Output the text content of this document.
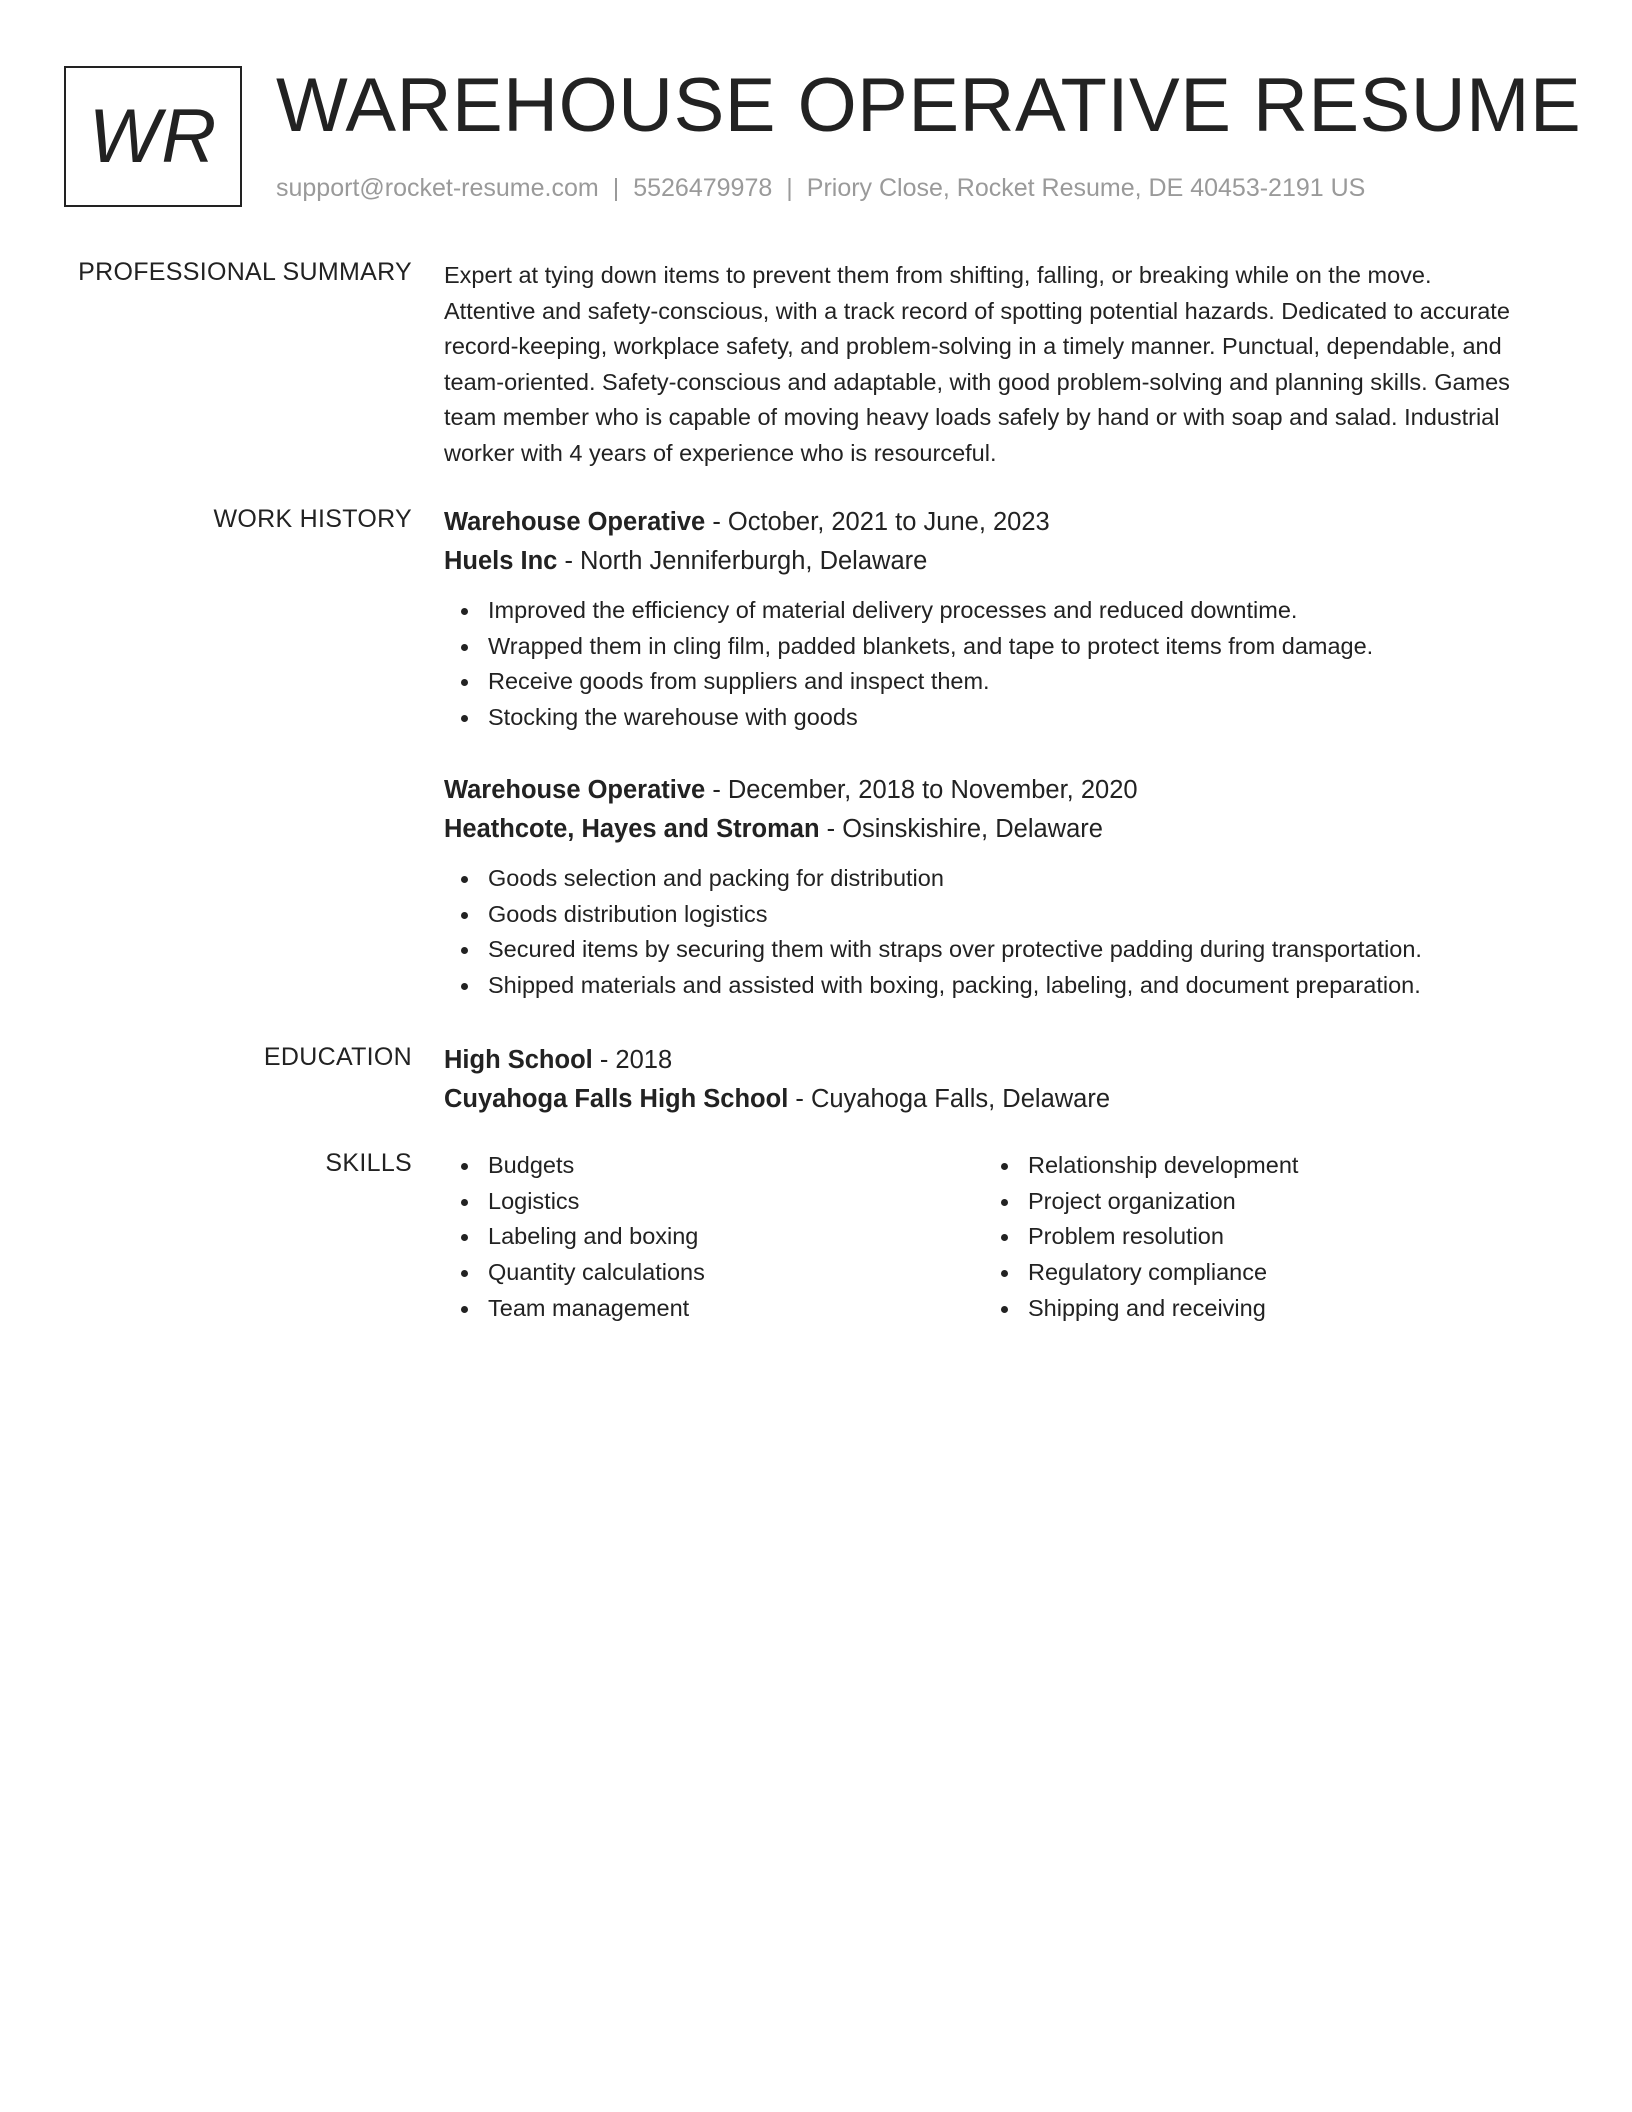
WR WAREHOUSE OPERATIVE RESUME
support@rocket-resume.com | 5526479978 | Priory Close, Rocket Resume, DE 40453-2191 US
PROFESSIONAL SUMMARY Expert at tying down items to prevent them from shifting, falling, or breaking while on the move. Attentive and safety-conscious, with a track record of spotting potential hazards. Dedicated to accurate record-keeping, workplace safety, and problem-solving in a timely manner. Punctual, dependable, and team-oriented. Safety-conscious and adaptable, with good problem-solving and planning skills. Games team member who is capable of moving heavy loads safely by hand or with soap and salad. Industrial worker with 4 years of experience who is resourceful.

WORK HISTORY Warehouse Operative - October, 2021 to June, 2023
Huels Inc - North Jenniferburgh, Delaware
Improved the efficiency of material delivery processes and reduced downtime.
Wrapped them in cling film, padded blankets, and tape to protect items from damage.
Receive goods from suppliers and inspect them.
Stocking the warehouse with goods
Warehouse Operative - December, 2018 to November, 2020
Heathcote, Hayes and Stroman - Osinskishire, Delaware
Goods selection and packing for distribution
Goods distribution logistics
Secured items by securing them with straps over protective padding during transportation.
Shipped materials and assisted with boxing, packing, labeling, and document preparation.
EDUCATION High School - 2018
Cuyahoga Falls High School - Cuyahoga Falls, Delaware
SKILLS	Budgets
Logistics
Labeling and boxing
Quantity calculations
Team management
Relationship development
Project organization
Problem resolution
Regulatory compliance
Shipping and receiving
